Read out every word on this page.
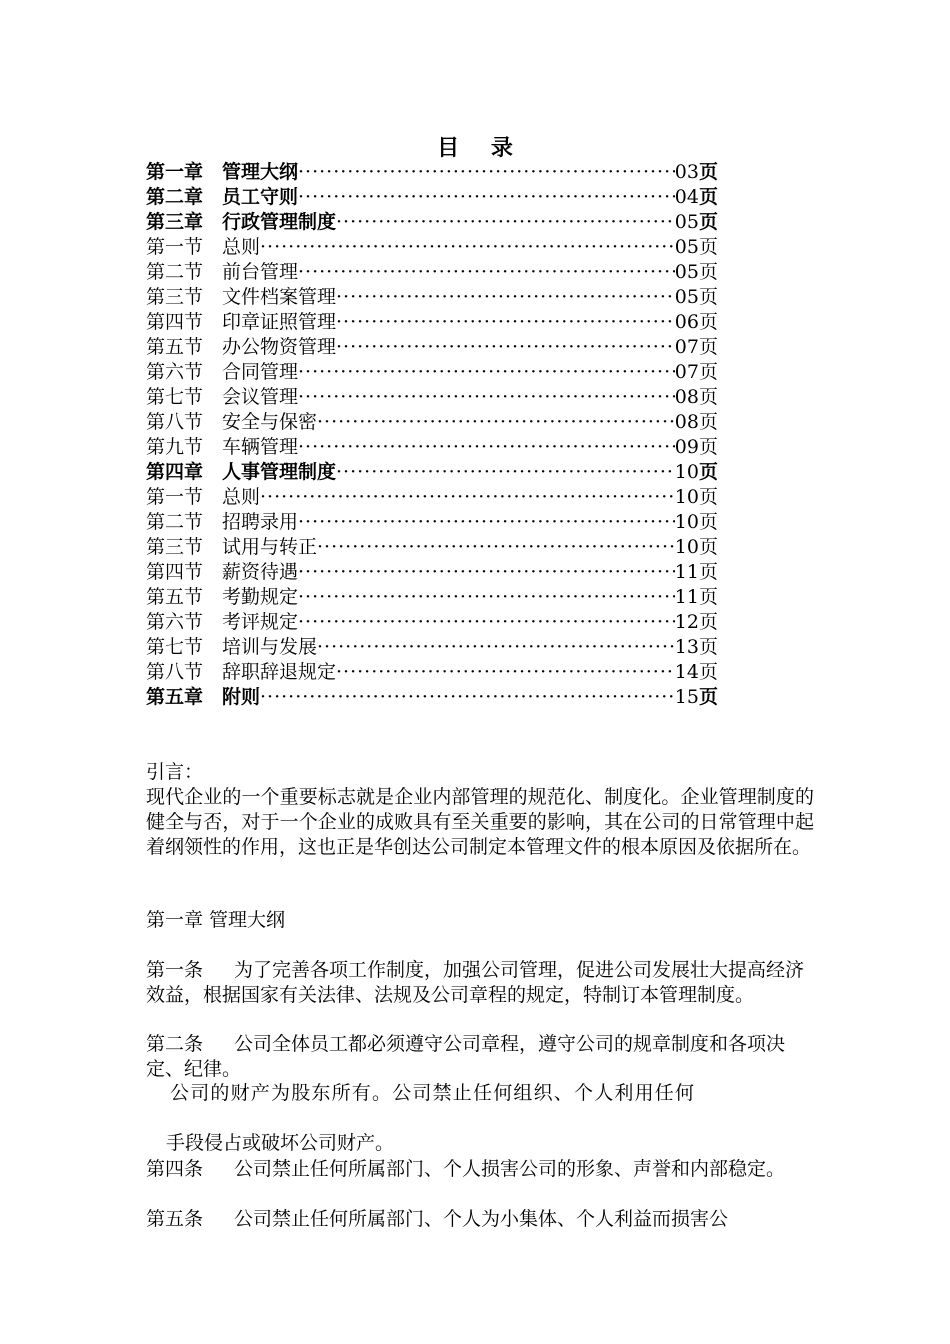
目 录
第一章 管理大纲 ·····	03 页
第二章 员工守则 ·····	04 页
第三章 行政管理制度 ·····	05 页
第一节 总则 ·····	05 页
第二节 前台管理 ·····	05 页
第三节 文件档案管理 ·····	05 页
第四节 印章证照管理 ·····	06 页
第五节 办公物资管理 ·····	07 页
第六节 合同管理 ·····	07 页
第七节 会议管理 ·····	08 页
第八节 安全与保密 ·····	08 页
第九节 车辆管理 ·····	09 页
第四章 人事管理制度 ·····	10 页
第一节 总则 ·····	10 页
第二节 招聘录用 ·····	10 页
第三节 试用与转正 ·····	10 页
第四节 薪资待遇 ·····	11 页
第五节 考勤规定 ·····	11 页
第六节 考评规定 ·····	12 页
第七节 培训与发展 ·····	13 页
第八节 辞职辞退规定 ·····	14 页
第五章 附则 ·····	15 页
引言：
现代企业的一个重要标志就是企业内部管理的规范化、制度化。企业管理制度的健全与否，对于一个企业的成败具有至关重要的影响，其在公司的日常管理中起着纲领性的作用，这也正是华创达公司制定本管理文件的根本原因及依据所在。
第一章 管理大纲
第一条 为了完善各项工作制度，加强公司管理，促进公司发展壮大提高经济效益，根据国家有关法律、法规及公司章程的规定，特制订本管理制度。
第二条 公司全体员工都必须遵守公司章程，遵守公司的规章制度和各项决定、纪律。
公司的财产为股东所有。公司禁止任何组织、个人利用任何
手段侵占或破坏公司财产。
第四条 公司禁止任何所属部门、个人损害公司的形象、声誉和内部稳定。
第五条 公司禁止任何所属部门、个人为小集体、个人利益而损害公
